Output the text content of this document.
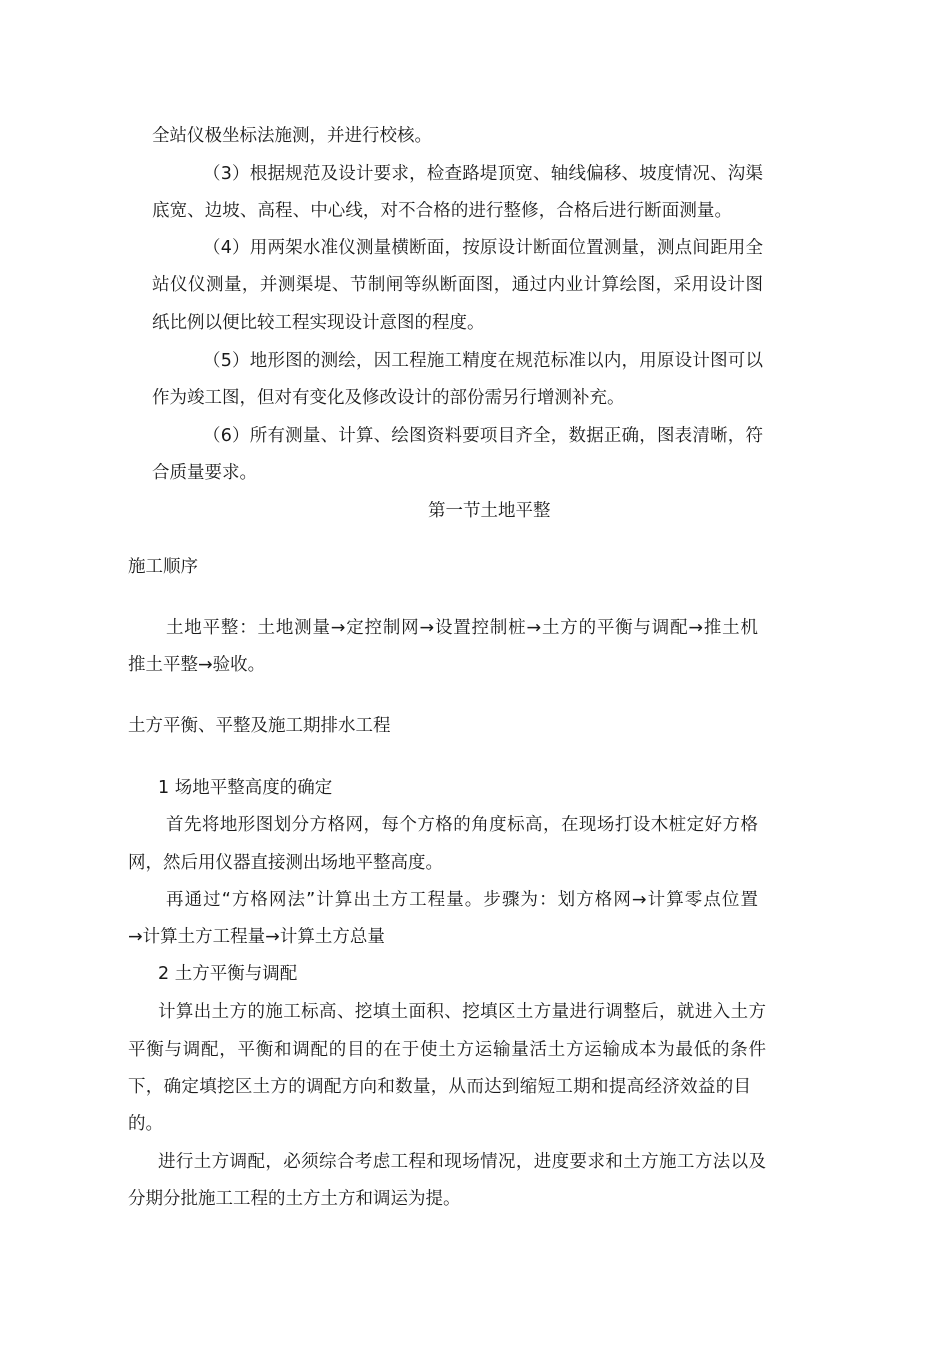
全站仪极坐标法施测，并进行校核。
（3）根据规范及设计要求，检查路堤顶宽、轴线偏移、坡度情况、沟渠
底宽、边坡、高程、中心线，对不合格的进行整修，合格后进行断面测量。
（4）用两架水准仪测量横断面，按原设计断面位置测量，测点间距用全
站仪仪测量，并测渠堤、节制闸等纵断面图，通过内业计算绘图，采用设计图
纸比例以便比较工程实现设计意图的程度。
（5）地形图的测绘，因工程施工精度在规范标准以内，用原设计图可以
作为竣工图，但对有变化及修改设计的部份需另行增测补充。
（6）所有测量、计算、绘图资料要项目齐全，数据正确，图表清晰，符
合质量要求。
第一节土地平整
施工顺序
土地平整：土地测量→定控制网→设置控制桩→土方的平衡与调配→推土机
推土平整→验收。
土方平衡、平整及施工期排水工程
1 场地平整高度的确定
首先将地形图划分方格网，每个方格的角度标高，在现场打设木桩定好方格
网，然后用仪器直接测出场地平整高度。
再通过“方格网法”计算出土方工程量。步骤为：划方格网→计算零点位置
→计算土方工程量→计算土方总量
2 土方平衡与调配
计算出土方的施工标高、挖填土面积、挖填区土方量进行调整后，就进入土方
平衡与调配，平衡和调配的目的在于使土方运输量活土方运输成本为最低的条件
下，确定填挖区土方的调配方向和数量，从而达到缩短工期和提高经济效益的目
的。
进行土方调配，必须综合考虑工程和现场情况，进度要求和土方施工方法以及
分期分批施工工程的土方土方和调运为提。
